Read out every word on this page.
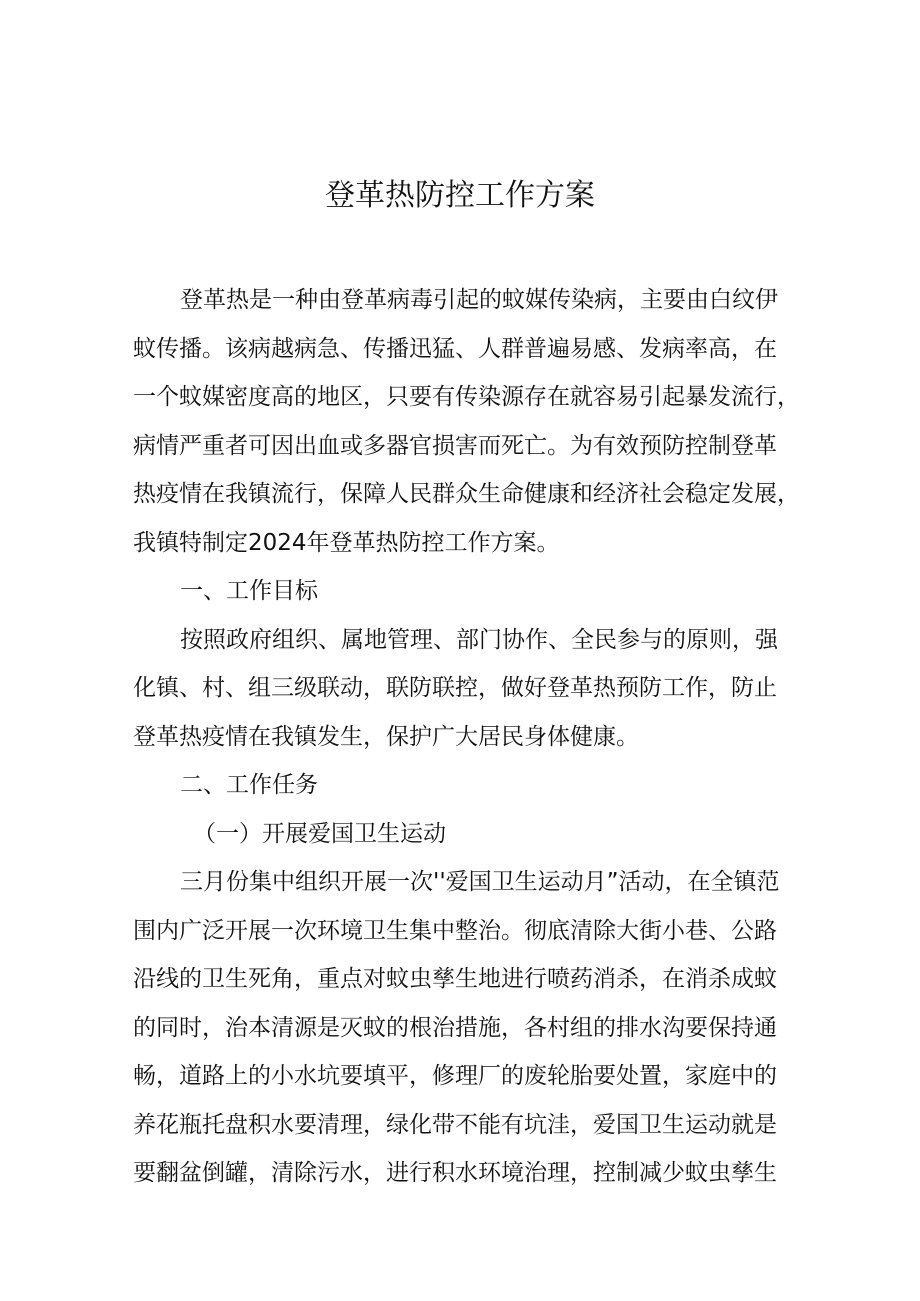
登革热防控工作方案
登革热是一种由登革病毒引起的蚊媒传染病，主要由白纹伊
蚊传播。该病越病急、传播迅猛、人群普遍易感、发病率高，在
一个蚊媒密度高的地区，只要有传染源存在就容易引起暴发流行，
病情严重者可因出血或多器官损害而死亡。为有效预防控制登革
热疫情在我镇流行，保障人民群众生命健康和经济社会稳定发展，
我镇特制定2024年登革热防控工作方案。
一、工作目标
按照政府组织、属地管理、部门协作、全民参与的原则，强
化镇、村、组三级联动，联防联控，做好登革热预防工作，防止
登革热疫情在我镇发生，保护广大居民身体健康。
二、工作任务
（一）开展爱国卫生运动
三月份集中组织开展一次''爱国卫生运动月”活动，在全镇范
围内广泛开展一次环境卫生集中整治。彻底清除大街小巷、公路
沿线的卫生死角，重点对蚊虫孳生地进行喷药消杀，在消杀成蚊
的同时，治本清源是灭蚊的根治措施，各村组的排水沟要保持通
畅，道路上的小水坑要填平，修理厂的废轮胎要处置，家庭中的
养花瓶托盘积水要清理，绿化带不能有坑洼，爱国卫生运动就是
要翻盆倒罐，清除污水，进行积水环境治理，控制减少蚊虫孳生
